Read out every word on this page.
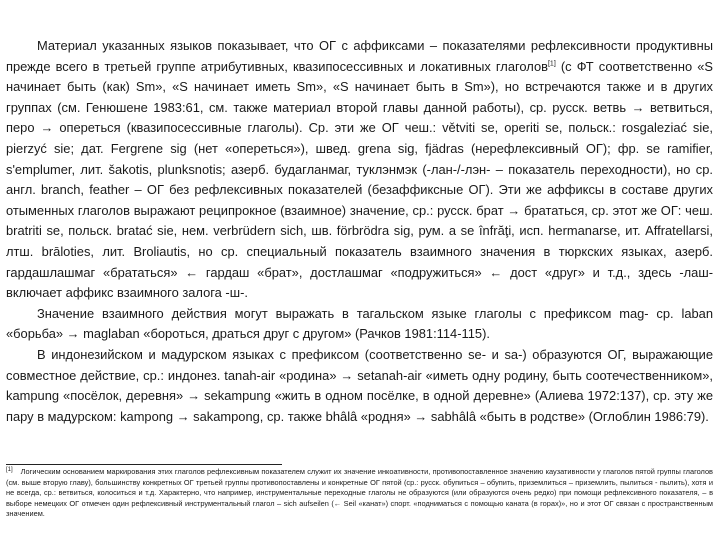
Материал указанных языков показывает, что ОГ с аффиксами – показателями рефлексивности продуктивны прежде всего в третьей группе атрибутивных, квазипосессивных и локативных глаголов[1] (с ФТ соответственно «S начинает быть (как) Sm», «S начинает иметь Sm», «S начинает быть в Sm»), но встречаются также и в других группах (см. Генюшене 1983:61, см. также материал второй главы данной работы), ср. русск. ветвь → ветвиться, перо → опереться (квазипосессивные глаголы). Ср. эти же ОГ чеш.: větviti se, operiti se, польск.: rosgaleziać sie, pierzyć sie; дат. Fergrene sig (нет «опереться»), швед. grena sig, fjädras (нерефлексивный ОГ); фр. se ramifier, s'emplumer, лит. šakotis, plunksnotis; азерб. будагланмаг, туклэнмэк (-лан-/-лэн- – показатель переходности), но ср. англ. branch, feather – ОГ без рефлексивных показателей (безаффиксные ОГ). Эти же аффиксы в составе других отыменных глаголов выражают реципрокное (взаимное) значение, ср.: русск. брат → брататься, ср. этот же ОГ: чеш. bratriti se, польск. bratać sie, нем. verbrüdern sich, шв. förbrödra sig, рум. a se înfrăţi, исп. hermanarse, ит. Affratellarsi, лтш. brāloties, лит. Broliautis, но ср. специальный показатель взаимного значения в тюркских языках, азерб. гардашлашмаг «брататься» ← гардаш «брат», достлашмаг «подружиться» ← дост «друг» и т.д., здесь -лаш- включает аффикс взаимного залога -ш-.

Значение взаимного действия могут выражать в тагальском языке глаголы с префиксом mag- ср. laban «борьба» → maglaban «бороться, драться друг с другом» (Рачков 1981:114-115).

В индонезийском и мадурском языках с префиксом (соответственно se- и sa-) образуются ОГ, выражающие совместное действие, ср.: индонез. tanah-air «родина» → setanah-air «иметь одну родину, быть соотечественником», kampung «посёлок, деревня» → sekampung «жить в одном посёлке, в одной деревне» (Алиева 1972:137), ср. эту же пару в мадурском: kampong → sakampong, ср. также bhâlâ «родня» → sabhâlâ «быть в родстве» (Оглоблин 1986:79).

[1] Логическим основанием маркирования этих глаголов рефлексивным показателем служит их значение инкоативности, противопоставленное значению каузативности у глаголов пятой группы глаголов (см. выше вторую главу), большинству конкретных ОГ третьей группы противопоставлены и конкретные ОГ пятой (ср.: русск. обупиться – обупить, приземлиться – приземлить, пылиться - пылить), хотя и не всегда, ср.: ветвиться, колоситься и т.д. Характерно, что например, инструментальные переходные глаголы не образуются (или образуются очень редко) при помощи рефлексивного показателя, – в выборе немецких ОГ отмечен один рефлексивный инструментальный глагол – sich aufseilen (← Seil «канат») спорт. «подниматься с помощью каната (в горах)», но и этот ОГ связан с пространственным значением.
